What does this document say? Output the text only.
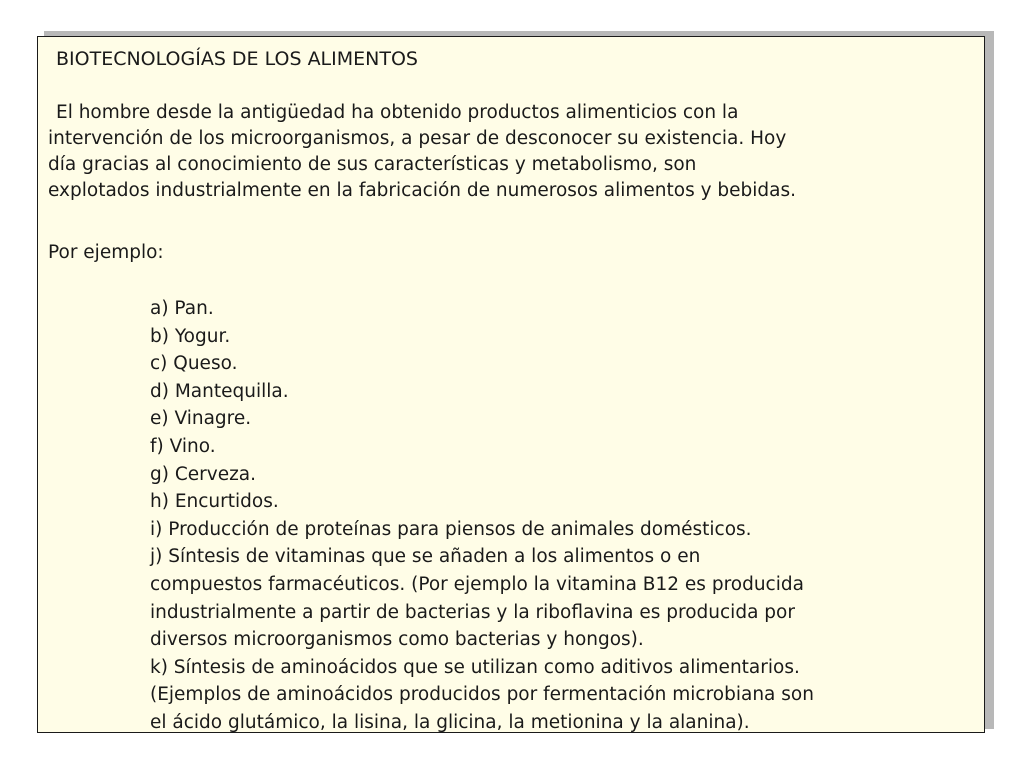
BIOTECNOLOGÍAS DE LOS ALIMENTOS

El hombre desde la antigüedad ha obtenido productos alimenticios con la
intervención de los microorganismos, a pesar de desconocer su existencia. Hoy
día gracias al conocimiento de sus características y metabolismo, son
explotados industrialmente en la fabricación de numerosos alimentos y bebidas.

Por ejemplo:

a) Pan.
b) Yogur.
c) Queso.
d) Mantequilla.
e) Vinagre.
f) Vino.
g) Cerveza.
h) Encurtidos.
i) Producción de proteínas para piensos de animales domésticos.
j) Síntesis de vitaminas que se añaden a los alimentos o en
compuestos farmacéuticos. (Por ejemplo la vitamina B12 es producida
industrialmente a partir de bacterias y la riboflavina es producida por
diversos microorganismos como bacterias y hongos).
k) Síntesis de aminoácidos que se utilizan como aditivos alimentarios.
(Ejemplos de aminoácidos producidos por fermentación microbiana son
el ácido glutámico, la lisina, la glicina, la metionina y la alanina).
